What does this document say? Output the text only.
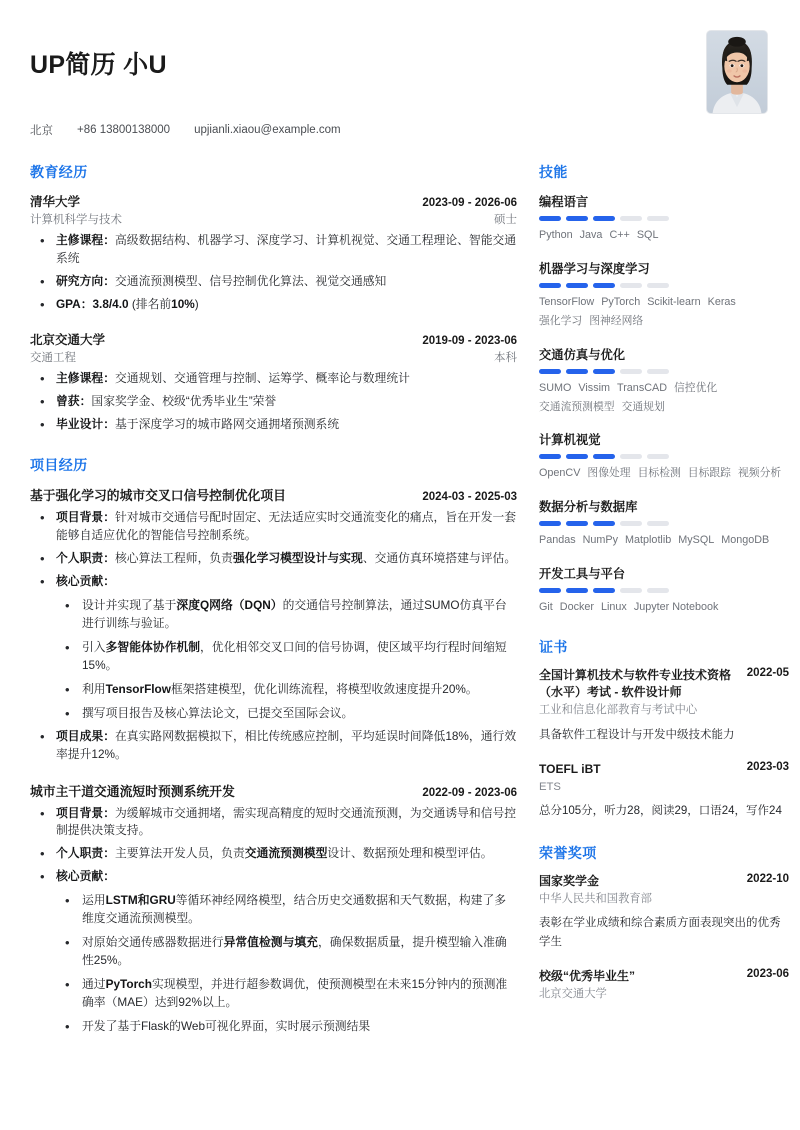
UP简历 小U
北京 +86 13800138000 upjianli.xiaou@example.com
教育经历
清华大学	2023-09 - 2026-06
计算机科学与技术	硕士
• 主修课程：高级数据结构、机器学习、深度学习、计算机视觉、交通工程理论、智能交通系统
• 研究方向：交通流预测模型、信号控制优化算法、视觉交通感知
• GPA：3.8/4.0 (排名前10%)
北京交通大学	2019-09 - 2023-06
交通工程	本科
• 主修课程：交通规划、交通管理与控制、运筹学、概率论与数理统计
• 曾获：国家奖学金、校级“优秀毕业生”荣誉
• 毕业设计：基于深度学习的城市路网交通拥堵预测系统
项目经历
基于强化学习的城市交叉口信号控制优化项目	2024-03 - 2025-03
• 项目背景：针对城市交通信号配时固定、无法适应实时交通流变化的痛点，旨在开发一套能够自适应优化的智能信号控制系统。
• 个人职责：核心算法工程师，负责强化学习模型设计与实现、交通仿真环境搭建与评估。
• 核心贡献：
• 设计并实现了基于深度Q网络（DQN）的交通信号控制算法，通过SUMO仿真平台进行训练与验证。
• 引入多智能体协作机制，优化相邻交叉口间的信号协调，使区域平均行程时间缩短15%。
• 利用TensorFlow框架搭建模型，优化训练流程，将模型收敛速度提升20%。
• 撰写项目报告及核心算法论文，已提交至国际会议。
• 项目成果：在真实路网数据模拟下，相比传统感应控制，平均延误时间降低18%，通行效率提升12%。
城市主干道交通流短时预测系统开发	2022-09 - 2023-06
• 项目背景：为缓解城市交通拥堵，需实现高精度的短时交通流预测，为交通诱导和信号控制提供决策支持。
• 个人职责：主要算法开发人员，负责交通流预测模型设计、数据预处理和模型评估。
• 核心贡献：
• 运用LSTM和GRU等循环神经网络模型，结合历史交通数据和天气数据，构建了多维度交通流预测模型。
• 对原始交通传感器数据进行异常值检测与填充，确保数据质量，提升模型输入准确性25%。
• 通过PyTorch实现模型，并进行超参数调优，使预测模型在未来15分钟内的预测准确率（MAE）达到92%以上。
• 开发了基于Flask的Web可视化界面，实时展示预测结果
技能
编程语言
Python Java C++ SQL
机器学习与深度学习
TensorFlow PyTorch Scikit-learn Keras强化学习 图神经网络
交通仿真与优化
SUMO Vissim TransCAD 信控优化交通流预测模型 交通规划
计算机视觉
OpenCV 图像处理 目标检测 目标跟踪 视频分析
数据分析与数据库
Pandas NumPy Matplotlib MySQL MongoDB
开发工具与平台
Git Docker Linux Jupyter Notebook
证书
全国计算机技术与软件专业技术资格（水平）考试 - 软件设计师
2022-05
工业和信息化部教育与考试中心
具备软件工程设计与开发中级技术能力
TOEFL iBT	2023-03
ETS
总分105分，听力28，阅读29，口语24，写作24
荣誉奖项
国家奖学金	2022-10
中华人民共和国教育部
表彰在学业成绩和综合素质方面表现突出的优秀学生
校级“优秀毕业生”	2023-06
北京交通大学
